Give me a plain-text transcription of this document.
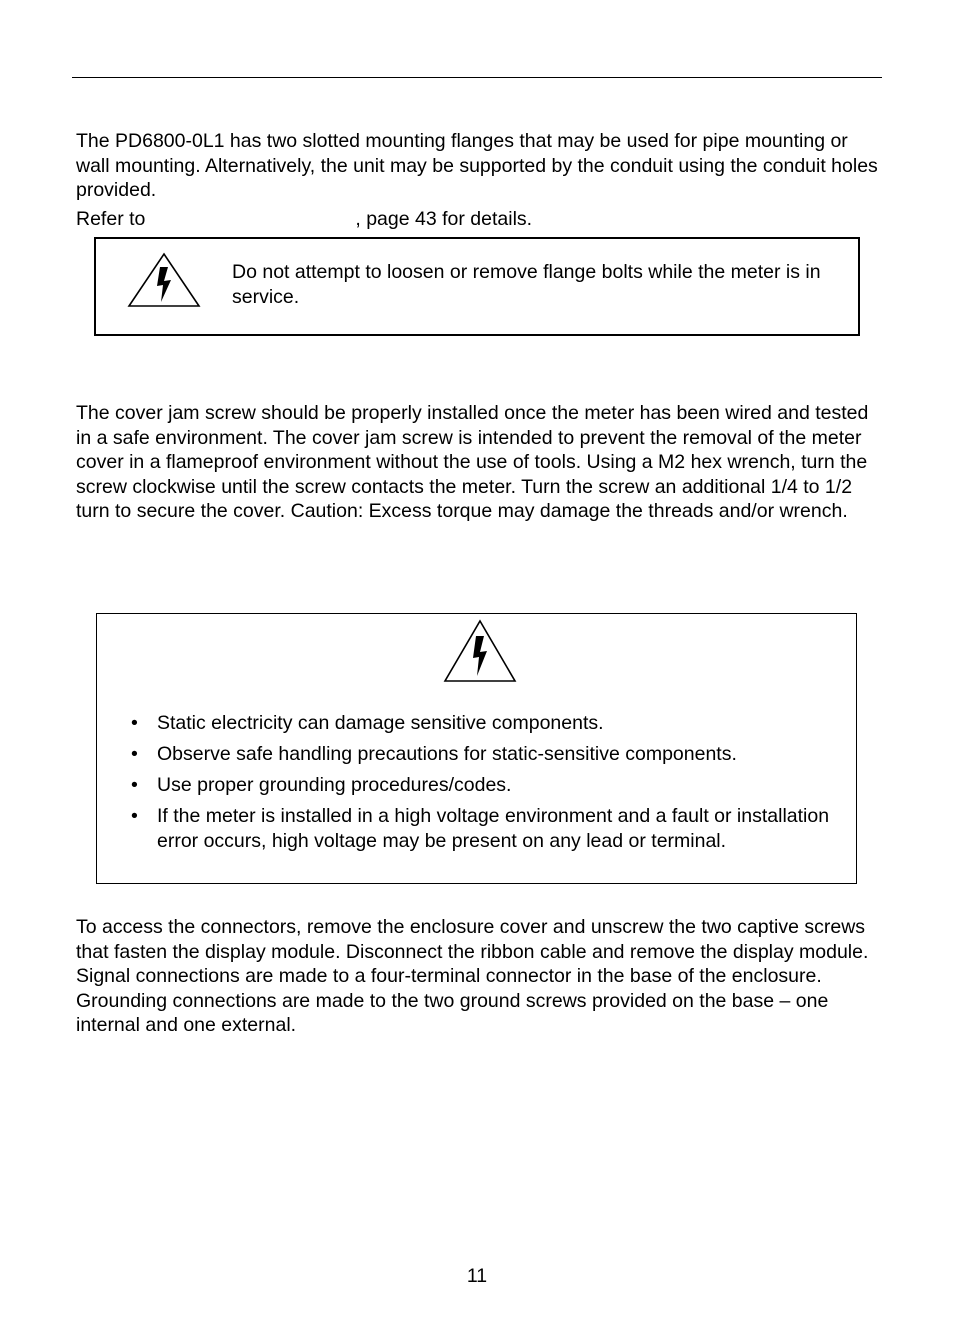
The PD6800-0L1 has two slotted mounting flanges that may be used for pipe mounting or wall mounting. Alternatively, the unit may be supported by the conduit using the conduit holes provided.

Refer to	, page 43 for details.

Do not attempt to loosen or remove flange bolts while the meter is in service.

The cover jam screw should be properly installed once the meter has been wired and tested in a safe environment. The cover jam screw is intended to prevent the removal of the meter cover in a flameproof environment without the use of tools. Using a M2 hex wrench, turn the screw clockwise until the screw contacts the meter. Turn the screw an additional 1/4 to 1/2 turn to secure the cover. Caution: Excess torque may damage the threads and/or wrench.

• Static electricity can damage sensitive components.
• Observe safe handling precautions for static-sensitive components.
• Use proper grounding procedures/codes.
• If the meter is installed in a high voltage environment and a fault or installation error occurs, high voltage may be present on any lead or terminal.

To access the connectors, remove the enclosure cover and unscrew the two captive screws that fasten the display module. Disconnect the ribbon cable and remove the display module. Signal connections are made to a four-terminal connector in the base of the enclosure. Grounding connections are made to the two ground screws provided on the base – one internal and one external.

11
